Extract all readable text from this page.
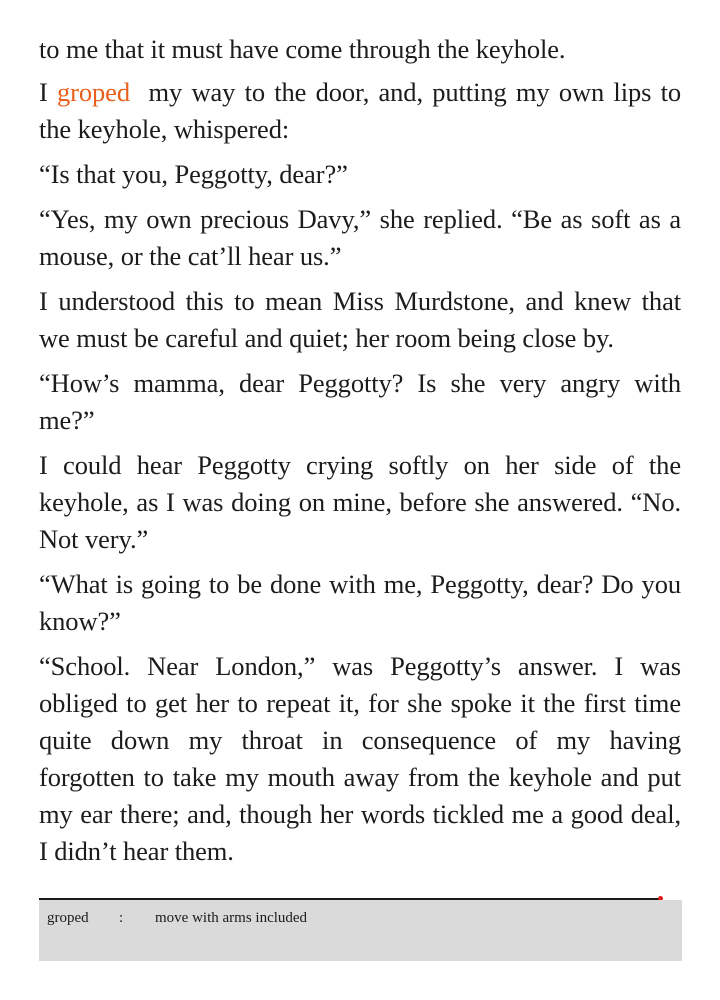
to me that it must have come through the keyhole.

I groped  my way to the door, and, putting my own lips to the keyhole, whispered:

“Is that you, Peggotty, dear?”

“Yes, my own precious Davy,” she replied. “Be as soft as a mouse, or the cat’ll hear us.”

I understood this to mean Miss Murdstone, and knew that we must be careful and quiet; her room being close by.

“How’s mamma, dear Peggotty? Is she very angry with me?”

I could hear Peggotty crying softly on her side of the keyhole, as I was doing on mine, before she answered. “No. Not very.”

“What is going to be done with me, Peggotty, dear? Do you know?”

“School. Near London,” was Peggotty’s answer. I was obliged to get her to repeat it, for she spoke it the first time quite down my throat in consequence of my having forgotten to take my mouth away from the keyhole and put my ear there; and, though her words tickled me a good deal, I didn’t hear them.

groped : move with arms included
